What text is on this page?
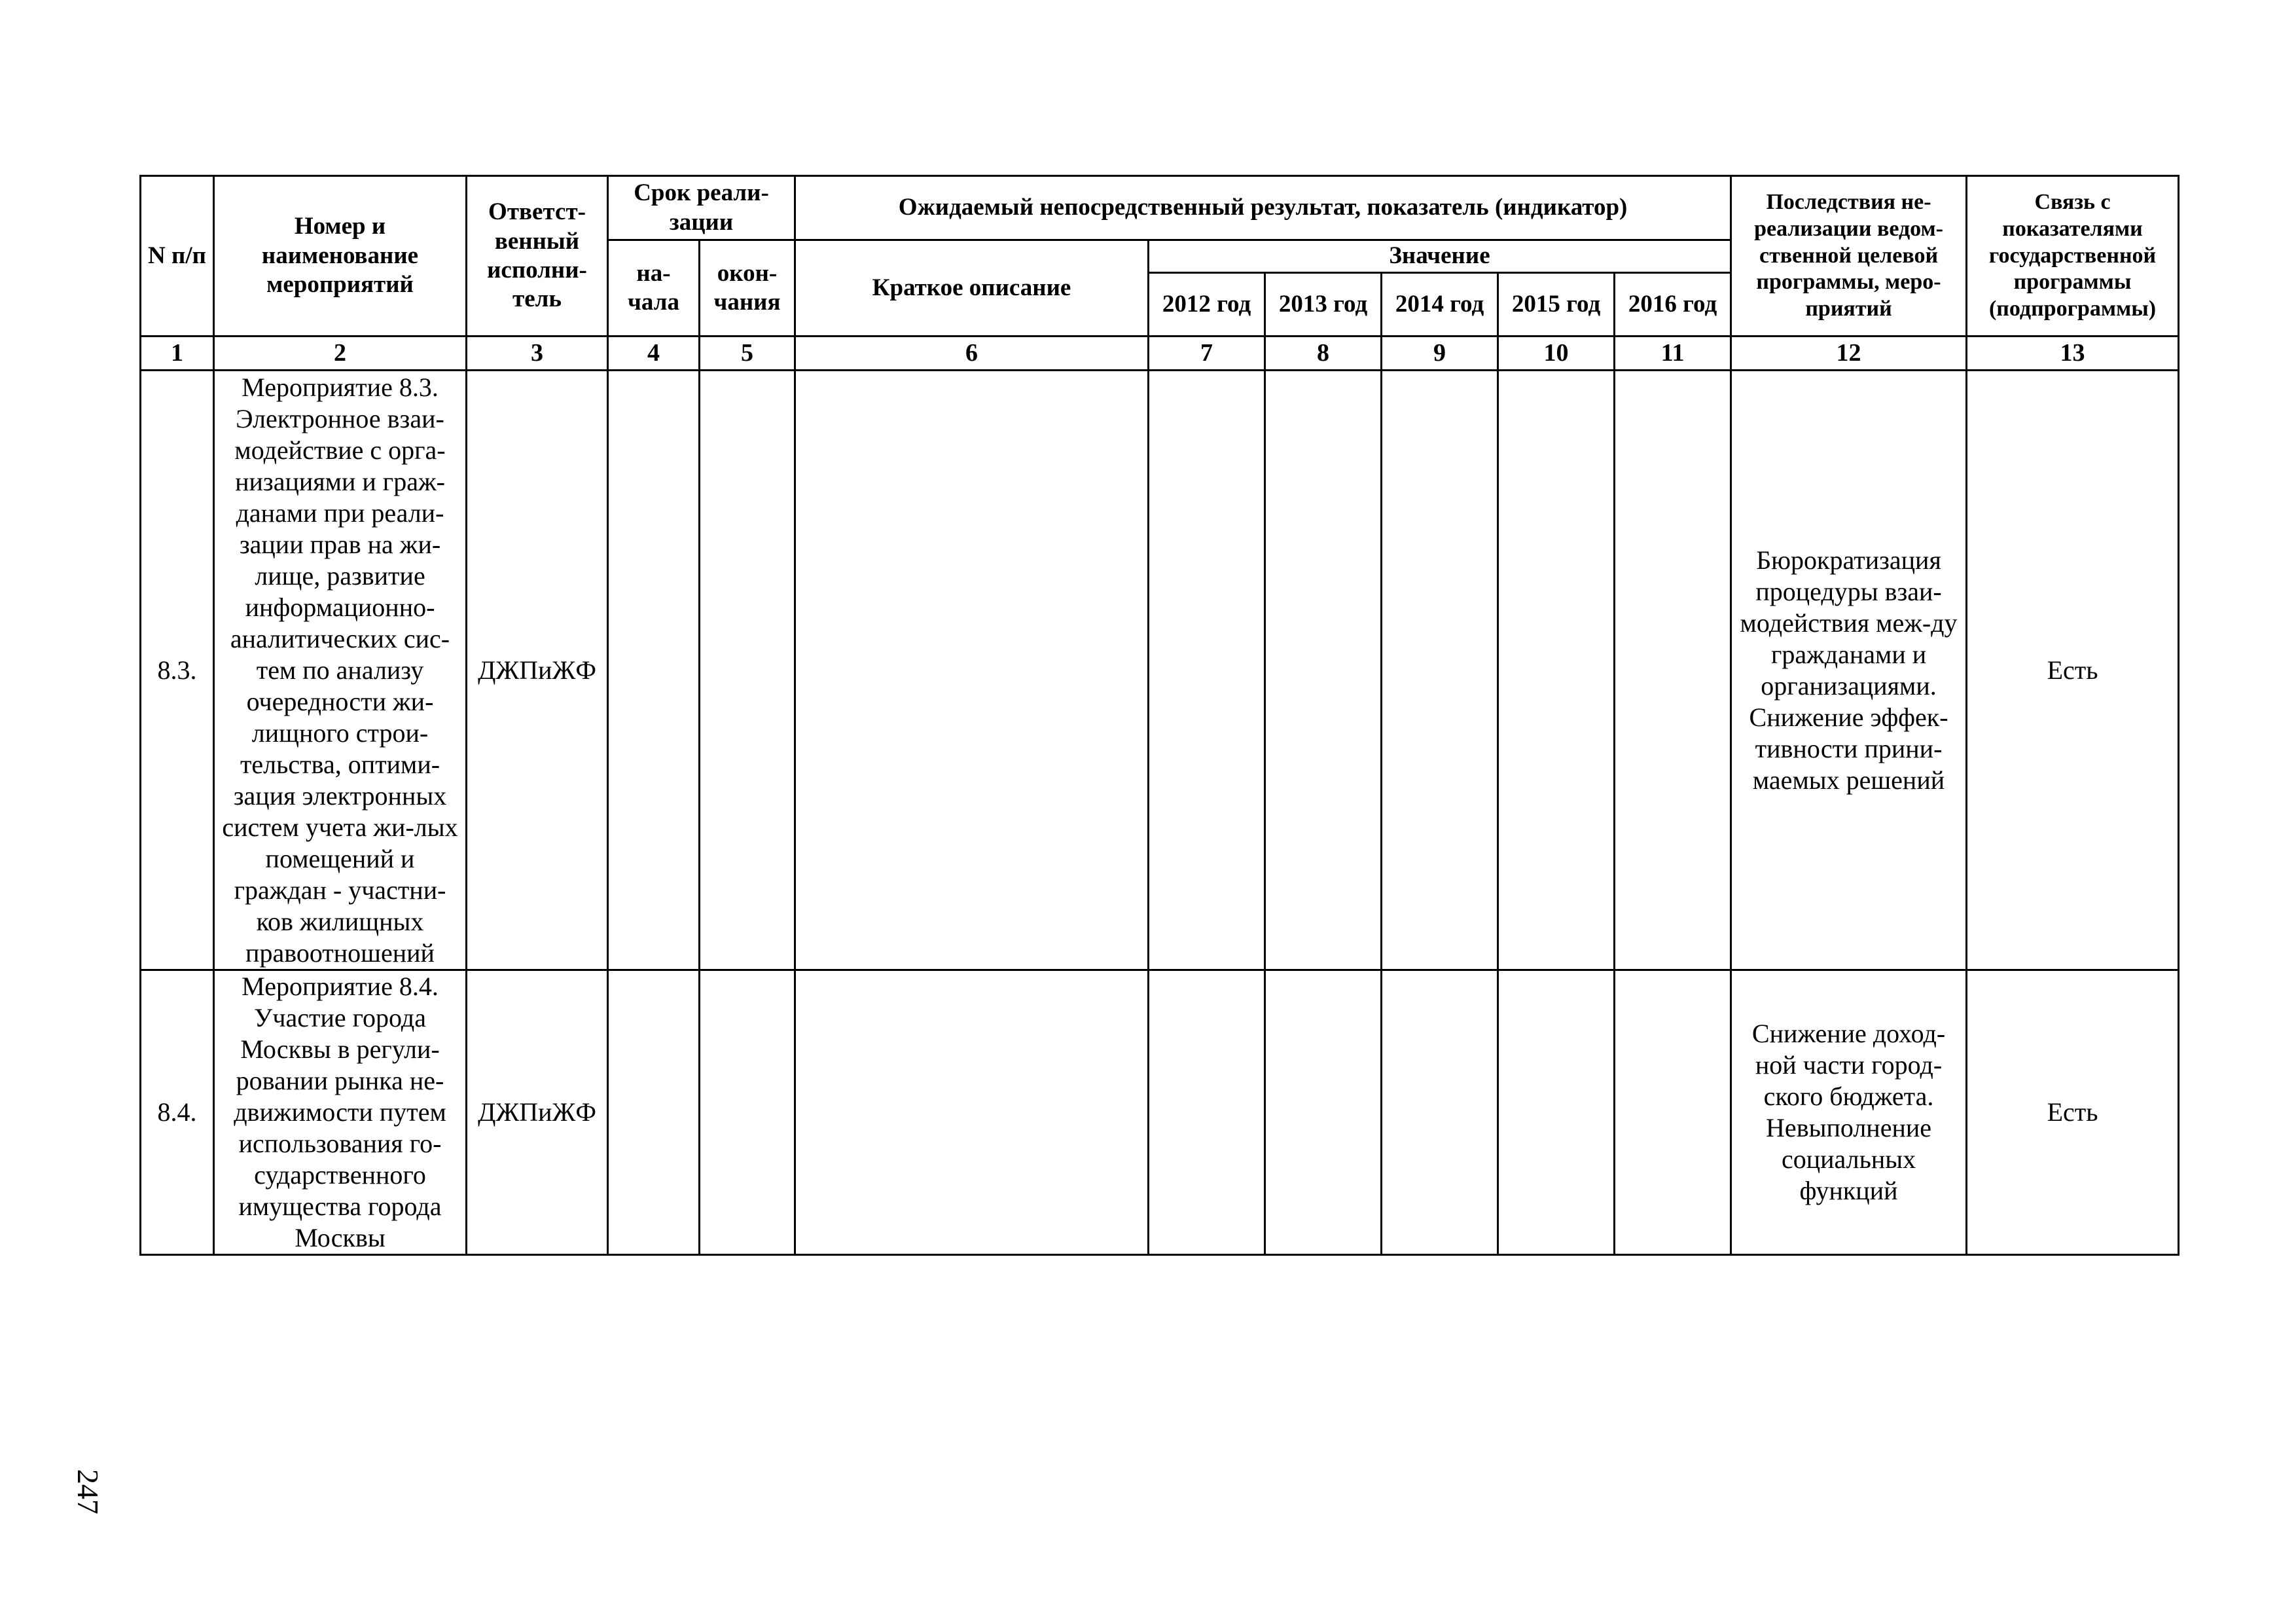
N п/п	Номер и наименование мероприятий	Ответст-венный исполни-тель	Срок реали-зации		Ожидаемый непосредственный результат, показатель (индикатор)						Последствия не-реализации ведом-ственной целевой программы, меро-приятий	Связь с показателями государственной программы (подпрограммы)
			на-чала	окон-чания	Краткое описание	Значение						
						2012 год	2013 год	2014 год	2015 год	2016 год		

1	2	3	4	5	6	7	8	9	10	11	12	13
8.3.	Мероприятие 8.3. Электронное взаи-модействие с орга-низациями и граж-данами при реали-зации прав на жи-лище, развитие информационно-аналитических сис-тем по анализу очередности жи-лищного строи-тельства, оптими-зация электронных систем учета жи-лых помещений и граждан - участни-ков жилищных правоотношений	ДЖПиЖФ									Бюрократизация процедуры взаи-модействия меж-ду гражданами и организациями. Снижение эффек-тивности прини-маемых решений	Есть
8.4.	Мероприятие 8.4. Участие города Москвы в регули-ровании рынка не-движимости путем использования го-сударственного имущества города Москвы	ДЖПиЖФ									Снижение доход-ной части город-ского бюджета. Невыполнение социальных функций	Есть
247
